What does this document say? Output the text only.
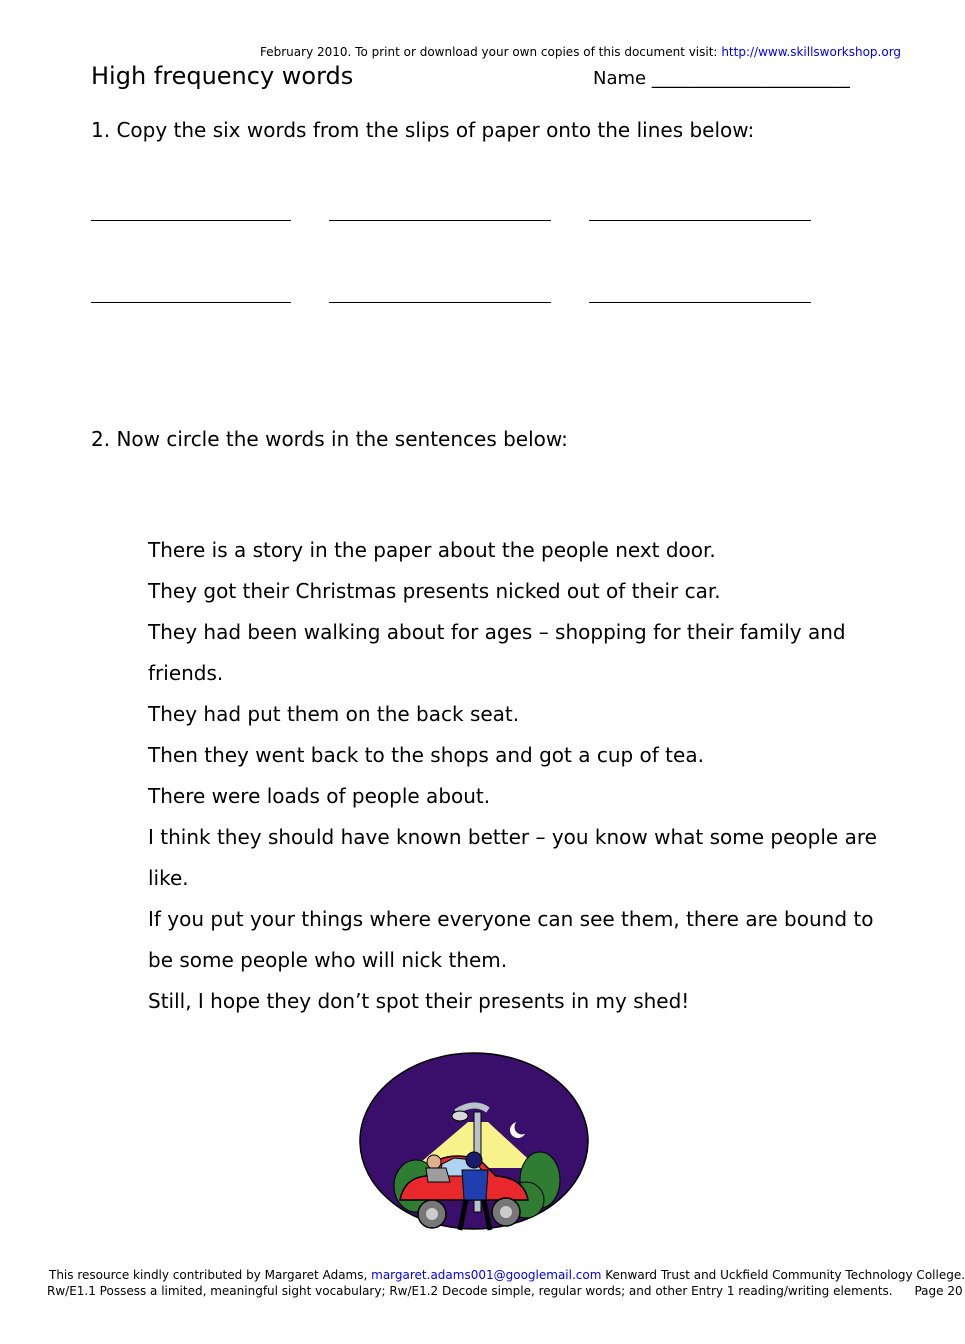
February 2010. To print or download your own copies of this document visit: http://www.skillsworkshop.org
High frequency words	Name ______________________
1. Copy the six words from the slips of paper onto the lines below:
2. Now circle the words in the sentences below:
There is a story in the paper about the people next door.
They got their Christmas presents nicked out of their car.
They had been walking about for ages – shopping for their family and friends.
They had put them on the back seat.
Then they went back to the shops and got a cup of tea.
There were loads of people about.
I think they should have known better – you know what some people are like.
If you put your things where everyone can see them, there are bound to be some people who will nick them.
Still, I hope they don’t spot their presents in my shed!
This resource kindly contributed by Margaret Adams, margaret.adams001@googlemail.com Kenward Trust and Uckfield Community Technology College.
Rw/E1.1 Possess a limited, meaningful sight vocabulary; Rw/E1.2 Decode simple, regular words; and other Entry 1 reading/writing elements. Page 20
